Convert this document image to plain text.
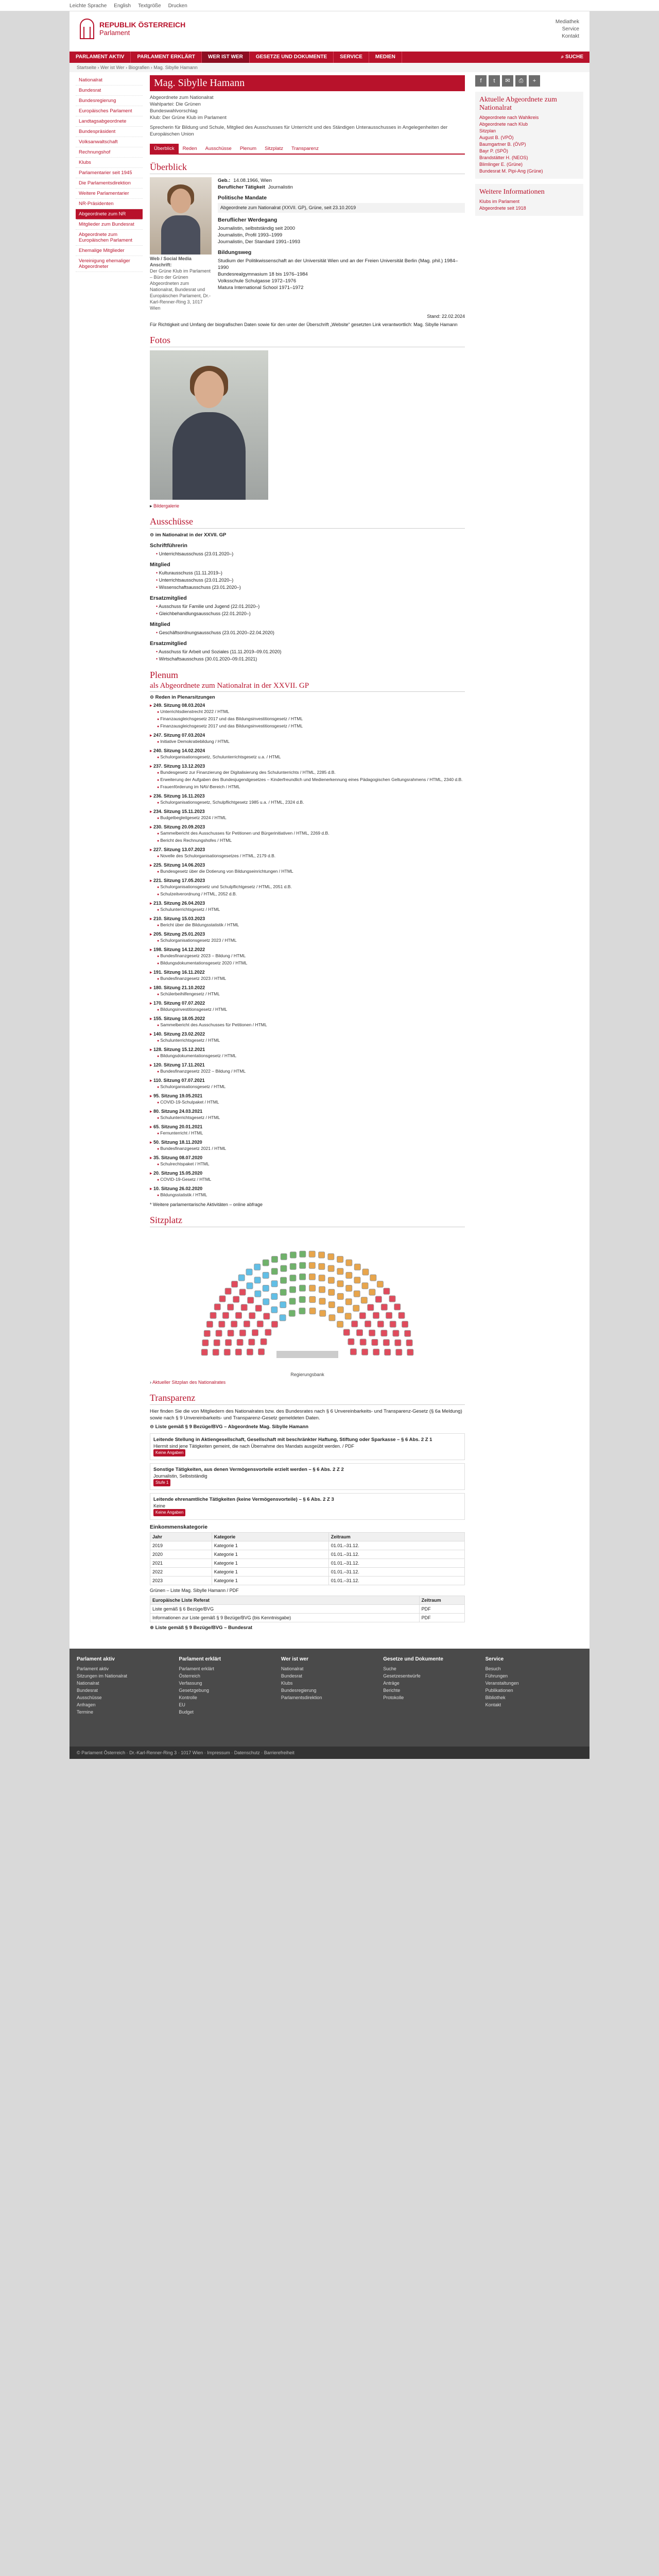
Leichte Sprache English Textgröße Drucken
REPUBLIK ÖSTERREICH
Parlament
Mediathek
Service
Kontakt
PARLAMENT AKTIV	PARLAMENT ERKLÄRT	WER IST WER	GESETZE UND DOKUMENTE	SERVICE	MEDIEN	⌕ SUCHE
Startseite › Wer ist Wer › Biografien › Mag. Sibylle Hamann
Nationalrat
Bundesrat
Bundesregierung
Europäisches Parlament
Landtagsabgeordnete
Bundespräsident
Volksanwaltschaft
Rechnungshof
Klubs
Parlamentarier seit 1945
Die Parlamentsdirektion
Weitere Parlamentarier
NR-Präsidenten
Abgeordnete zum NR
Mitglieder zum Bundesrat
Abgeordnete zum Europäischen Parlament
Ehemalige Mitglieder
Vereinigung ehemaliger Abgeordneter
Mag. Sibylle Hamann
Abgeordnete zum Nationalrat
Wahlpartei: Die Grünen
Bundeswahlvorschlag
Klub: Der Grüne Klub im Parlament
Sprecherin für Bildung und Schule, Mitglied des Ausschusses für Unterricht und des Ständigen Unterausschusses in Angelegenheiten der Europäischen Union
Überblick	Reden	Ausschüsse	Plenum	Sitzplatz	Transparenz
Überblick
Web / Social Media
Anschrift:
Der Grüne Klub im Parlament – Büro der Grünen Abgeordneten zum Nationalrat, Bundesrat und Europäischen Parlament, Dr.-Karl-Renner-Ring 3, 1017 Wien
Geb.: 14.08.1966, Wien
Beruflicher Tätigkeit Journalistin
Politische Mandate
Abgeordnete zum Nationalrat (XXVII. GP), Grüne, seit 23.10.2019
Beruflicher Werdegang
Journalistin, selbstständig seit 2000
Journalistin, Profil 1993–1999
Journalistin, Der Standard 1991–1993
Bildungsweg
Studium der Politikwissenschaft an der Universität Wien und an der Freien Universität Berlin (Mag. phil.) 1984–1990
Bundesrealgymnasium 18 bis 1976–1984
Volksschule Schulgasse 1972–1976
Matura International School 1971–1972
Stand: 22.02.2024
Für Richtigkeit und Umfang der biografischen Daten sowie für den unter der Überschrift „Website“ gesetzten Link verantwortlich: Mag. Sibylle Hamann
Fotos
▸ Bildergalerie
Ausschüsse
⊖ im Nationalrat in der XXVII. GP
Schriftführerin
• Unterrichtsausschuss (23.01.2020–)
Mitglied
• Kulturausschuss (11.11.2019–)
• Unterrichtsausschuss (23.01.2020–)
• Wissenschaftsausschuss (23.01.2020–)
Ersatzmitglied
• Ausschuss für Familie und Jugend (22.01.2020–)
• Gleichbehandlungsausschuss (22.01.2020–)
Mitglied
• Geschäftsordnungsausschuss (23.01.2020–22.04.2020)
Ersatzmitglied
• Ausschuss für Arbeit und Soziales (11.11.2019–09.01.2020)
• Wirtschaftsausschuss (30.01.2020–09.01.2021)
Plenum
als Abgeordnete zum Nationalrat in der XXVII. GP
⊖ Reden in Plenarsitzungen
▸ 249. Sitzung 08.03.2024
● Unterrichtsdienstrecht 2022 / HTML
● Finanzausgleichsgesetz 2017 und das Bildungsinvestitionsgesetz / HTML
● Finanzausgleichsgesetz 2017 und das Bildungsinvestitionsgesetz / HTML
▸ 247. Sitzung 07.03.2024
● Initiative Demokratiebildung / HTML
▸ 240. Sitzung 14.02.2024
● Schulorganisationsgesetz, Schulunterrichtsgesetz u.a. / HTML
▸ 237. Sitzung 13.12.2023
● Bundesgesetz zur Finanzierung der Digitalisierung des Schulunterrichts / HTML, 2285 d.B.
● Erweiterung der Aufgaben des Bundesjugendgesetzes – Kinderfreundlich und Medienerkennung eines Pädagogischen Geltungsrahmens / HTML, 2340 d.B.
● Frauenförderung im NAV-Bereich / HTML
▸ 236. Sitzung 16.11.2023
● Schulorganisationsgesetz, Schulpflichtgesetz 1985 u.a. / HTML, 2324 d.B.
▸ 234. Sitzung 15.11.2023
● Budgetbegleitgesetz 2024 / HTML
▸ 230. Sitzung 20.09.2023
● Sammelbericht des Ausschusses für Petitionen und Bürgerinitiativen / HTML, 2269 d.B.
● Bericht des Rechnungshofes / HTML
▸ 227. Sitzung 13.07.2023
● Novelle des Schulorganisationsgesetzes / HTML, 2179 d.B.
▸ 225. Sitzung 14.06.2023
● Bundesgesetz über die Dotierung von Bildungseinrichtungen / HTML
▸ 221. Sitzung 17.05.2023
● Schulorganisationsgesetz und Schulpflichtgesetz / HTML, 2051 d.B.
● Schulzeitverordnung / HTML, 2052 d.B.
▸ 213. Sitzung 26.04.2023
● Schulunterrichtsgesetz / HTML
▸ 210. Sitzung 15.03.2023
● Bericht über die Bildungsstatistik / HTML
▸ 205. Sitzung 25.01.2023
● Schulorganisationsgesetz 2023 / HTML
▸ 198. Sitzung 14.12.2022
● Bundesfinanzgesetz 2023 – Bildung / HTML
● Bildungsdokumentationsgesetz 2020 / HTML
▸ 191. Sitzung 16.11.2022
● Bundesfinanzgesetz 2023 / HTML
▸ 180. Sitzung 21.10.2022
● Schülerbeihilfengesetz / HTML
▸ 170. Sitzung 07.07.2022
● Bildungsinvestitionsgesetz / HTML
▸ 155. Sitzung 18.05.2022
● Sammelbericht des Ausschusses für Petitionen / HTML
▸ 140. Sitzung 23.02.2022
● Schulunterrichtsgesetz / HTML
▸ 128. Sitzung 15.12.2021
● Bildungsdokumentationsgesetz / HTML
▸ 120. Sitzung 17.11.2021
● Bundesfinanzgesetz 2022 – Bildung / HTML
▸ 110. Sitzung 07.07.2021
● Schulorganisationsgesetz / HTML
▸ 95. Sitzung 19.05.2021
● COVID-19-Schulpaket / HTML
▸ 80. Sitzung 24.03.2021
● Schulunterrichtsgesetz / HTML
▸ 65. Sitzung 20.01.2021
● Fernunterricht / HTML
▸ 50. Sitzung 18.11.2020
● Bundesfinanzgesetz 2021 / HTML
▸ 35. Sitzung 08.07.2020
● Schulrechtspaket / HTML
▸ 20. Sitzung 15.05.2020
● COVID-19-Gesetz / HTML
▸ 10. Sitzung 26.02.2020
● Bildungsstatistik / HTML
* Weitere parlamentarische Aktivitäten – online abfrage
Sitzplatz
Regierungsbank
› Aktueller Sitzplan des Nationalrates
Transparenz
Hier finden Sie die von Mitgliedern des Nationalrates bzw. des Bundesrates nach § 6 Unvereinbarkeits- und Transparenz-Gesetz (§ 6a Meldung) sowie nach § 9 Unvereinbarkeits- und Transparenz-Gesetz gemeldeten Daten.
⊖ Liste gemäß § 9 Bezüge/BVG – Abgeordnete Mag. Sibylle Hamann
Leitende Stellung in Aktiengesellschaft, Gesellschaft mit beschränkter Haftung, Stiftung oder Sparkasse – § 6 Abs. 2 Z 1
Hiermit sind jene Tätigkeiten gemeint, die nach Übernahme des Mandats ausgeübt werden. / PDF
Keine Angaben
Sonstige Tätigkeiten, aus denen Vermögensvorteile erzielt werden – § 6 Abs. 2 Z 2
Journalistin, Selbstständig
Stufe 1
Leitende ehrenamtliche Tätigkeiten (keine Vermögensvorteile) – § 6 Abs. 2 Z 3
Keine
Keine Angaben
Einkommenskategorie
Jahr	Kategorie	Zeitraum
2019	Kategorie 1	01.01.–31.12.
2020	Kategorie 1	01.01.–31.12.
2021	Kategorie 1	01.01.–31.12.
2022	Kategorie 1	01.01.–31.12.
2023	Kategorie 1	01.01.–31.12.
Grünen – Liste Mag. Sibylle Hamann / PDF
Europäische Liste Referat	Zeitraum
Liste gemäß § 6 Bezüge/BVG	PDF
Informationen zur Liste gemäß § 9 Bezüge/BVG (bis Kenntnisgabe)	PDF
⊕ Liste gemäß § 9 Bezüge/BVG – Bundesrat
f	t	✉	⎙	+
Aktuelle Abgeordnete zum Nationalrat
Abgeordnete nach Wahlkreis
Abgeordnete nach Klub
Sitzplan
August B. (VPÖ)
Baumgartner B. (ÖVP)
Bayr P. (SPÖ)
Brandstätter H. (NEOS)
Blimlinger E. (Grüne)
Bundesrat M. Pipi-Ang (Grüne)
Weitere Informationen
Klubs im Parlament
Abgeordnete seit 1918
Parlament aktiv
Parlament aktiv
Sitzungen im Nationalrat
Nationalrat
Bundesrat
Ausschüsse
Anfragen
Termine
Parlament erklärt
Parlament erklärt
Österreich
Verfassung
Gesetzgebung
Kontrolle
EU
Budget
Wer ist wer
Nationalrat
Bundesrat
Klubs
Bundesregierung
Parlamentsdirektion
Gesetze und Dokumente
Suche
Gesetzesentwürfe
Anträge
Berichte
Protokolle
Service
Besuch
Führungen
Veranstaltungen
Publikationen
Bibliothek
Kontakt
© Parlament Österreich · Dr.-Karl-Renner-Ring 3 · 1017 Wien · Impressum · Datenschutz · Barrierefreiheit
